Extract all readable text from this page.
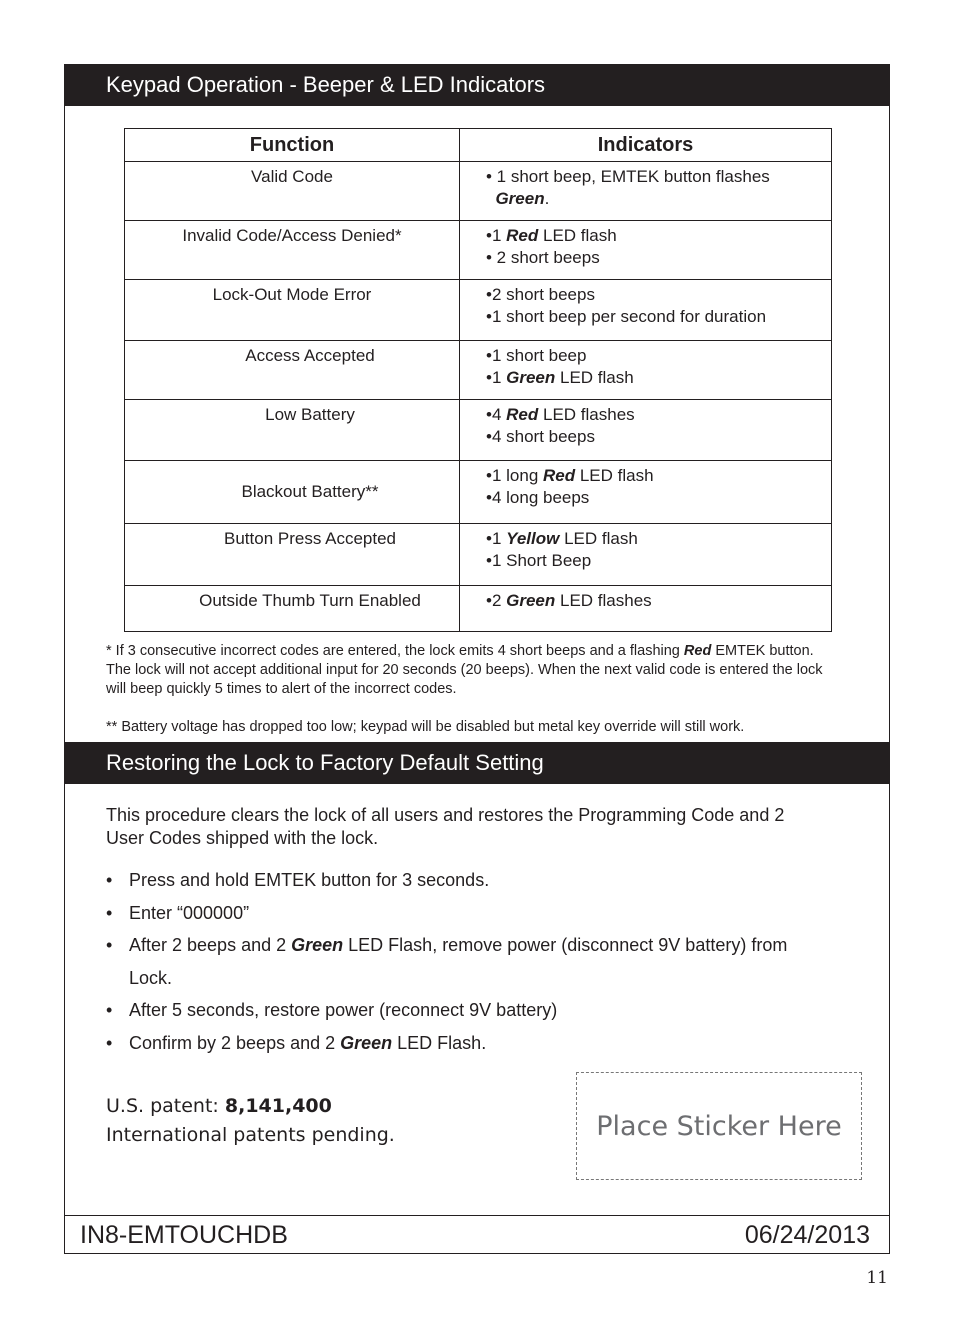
Keypad Operation - Beeper & LED Indicators
Function	Indicators
Valid Code	• 1 short beep, EMTEK button flashes
Green.

Invalid Code/Access Denied*	•1 Red LED flash
• 2 short beeps

Lock-Out Mode Error	•2 short beeps
•1 short beep per second for duration

Access Accepted	•1 short beep
•1 Green LED flash

Low Battery	•4 Red LED flashes
•4 short beeps

Blackout Battery**	•1 long Red LED flash
•4 long beeps

Button Press Accepted	•1 Yellow LED flash
•1 Short Beep

Outside Thumb Turn Enabled	•2 Green LED flashes
* If 3 consecutive incorrect codes are entered, the lock emits 4 short beeps and a flashing Red EMTEK button. The lock will not accept additional input for 20 seconds (20 beeps). When the next valid code is entered the lock will beep quickly 5 times to alert of the incorrect codes.
** Battery voltage has dropped too low; keypad will be disabled but metal key override will still work.
Restoring the Lock to Factory Default Setting
This procedure clears the lock of all users and restores the Programming Code and 2 User Codes shipped with the lock.
• Press and hold EMTEK button for 3 seconds.
• Enter “000000”
• After 2 beeps and 2 Green LED Flash, remove power (disconnect 9V battery) from Lock.
• After 5 seconds, restore power (reconnect 9V battery)
• Confirm by 2 beeps and 2 Green LED Flash.
U.S. patent: 8,141,400
International patents pending.	Place Sticker Here
IN8-EMTOUCHDB	06/24/2013
11
